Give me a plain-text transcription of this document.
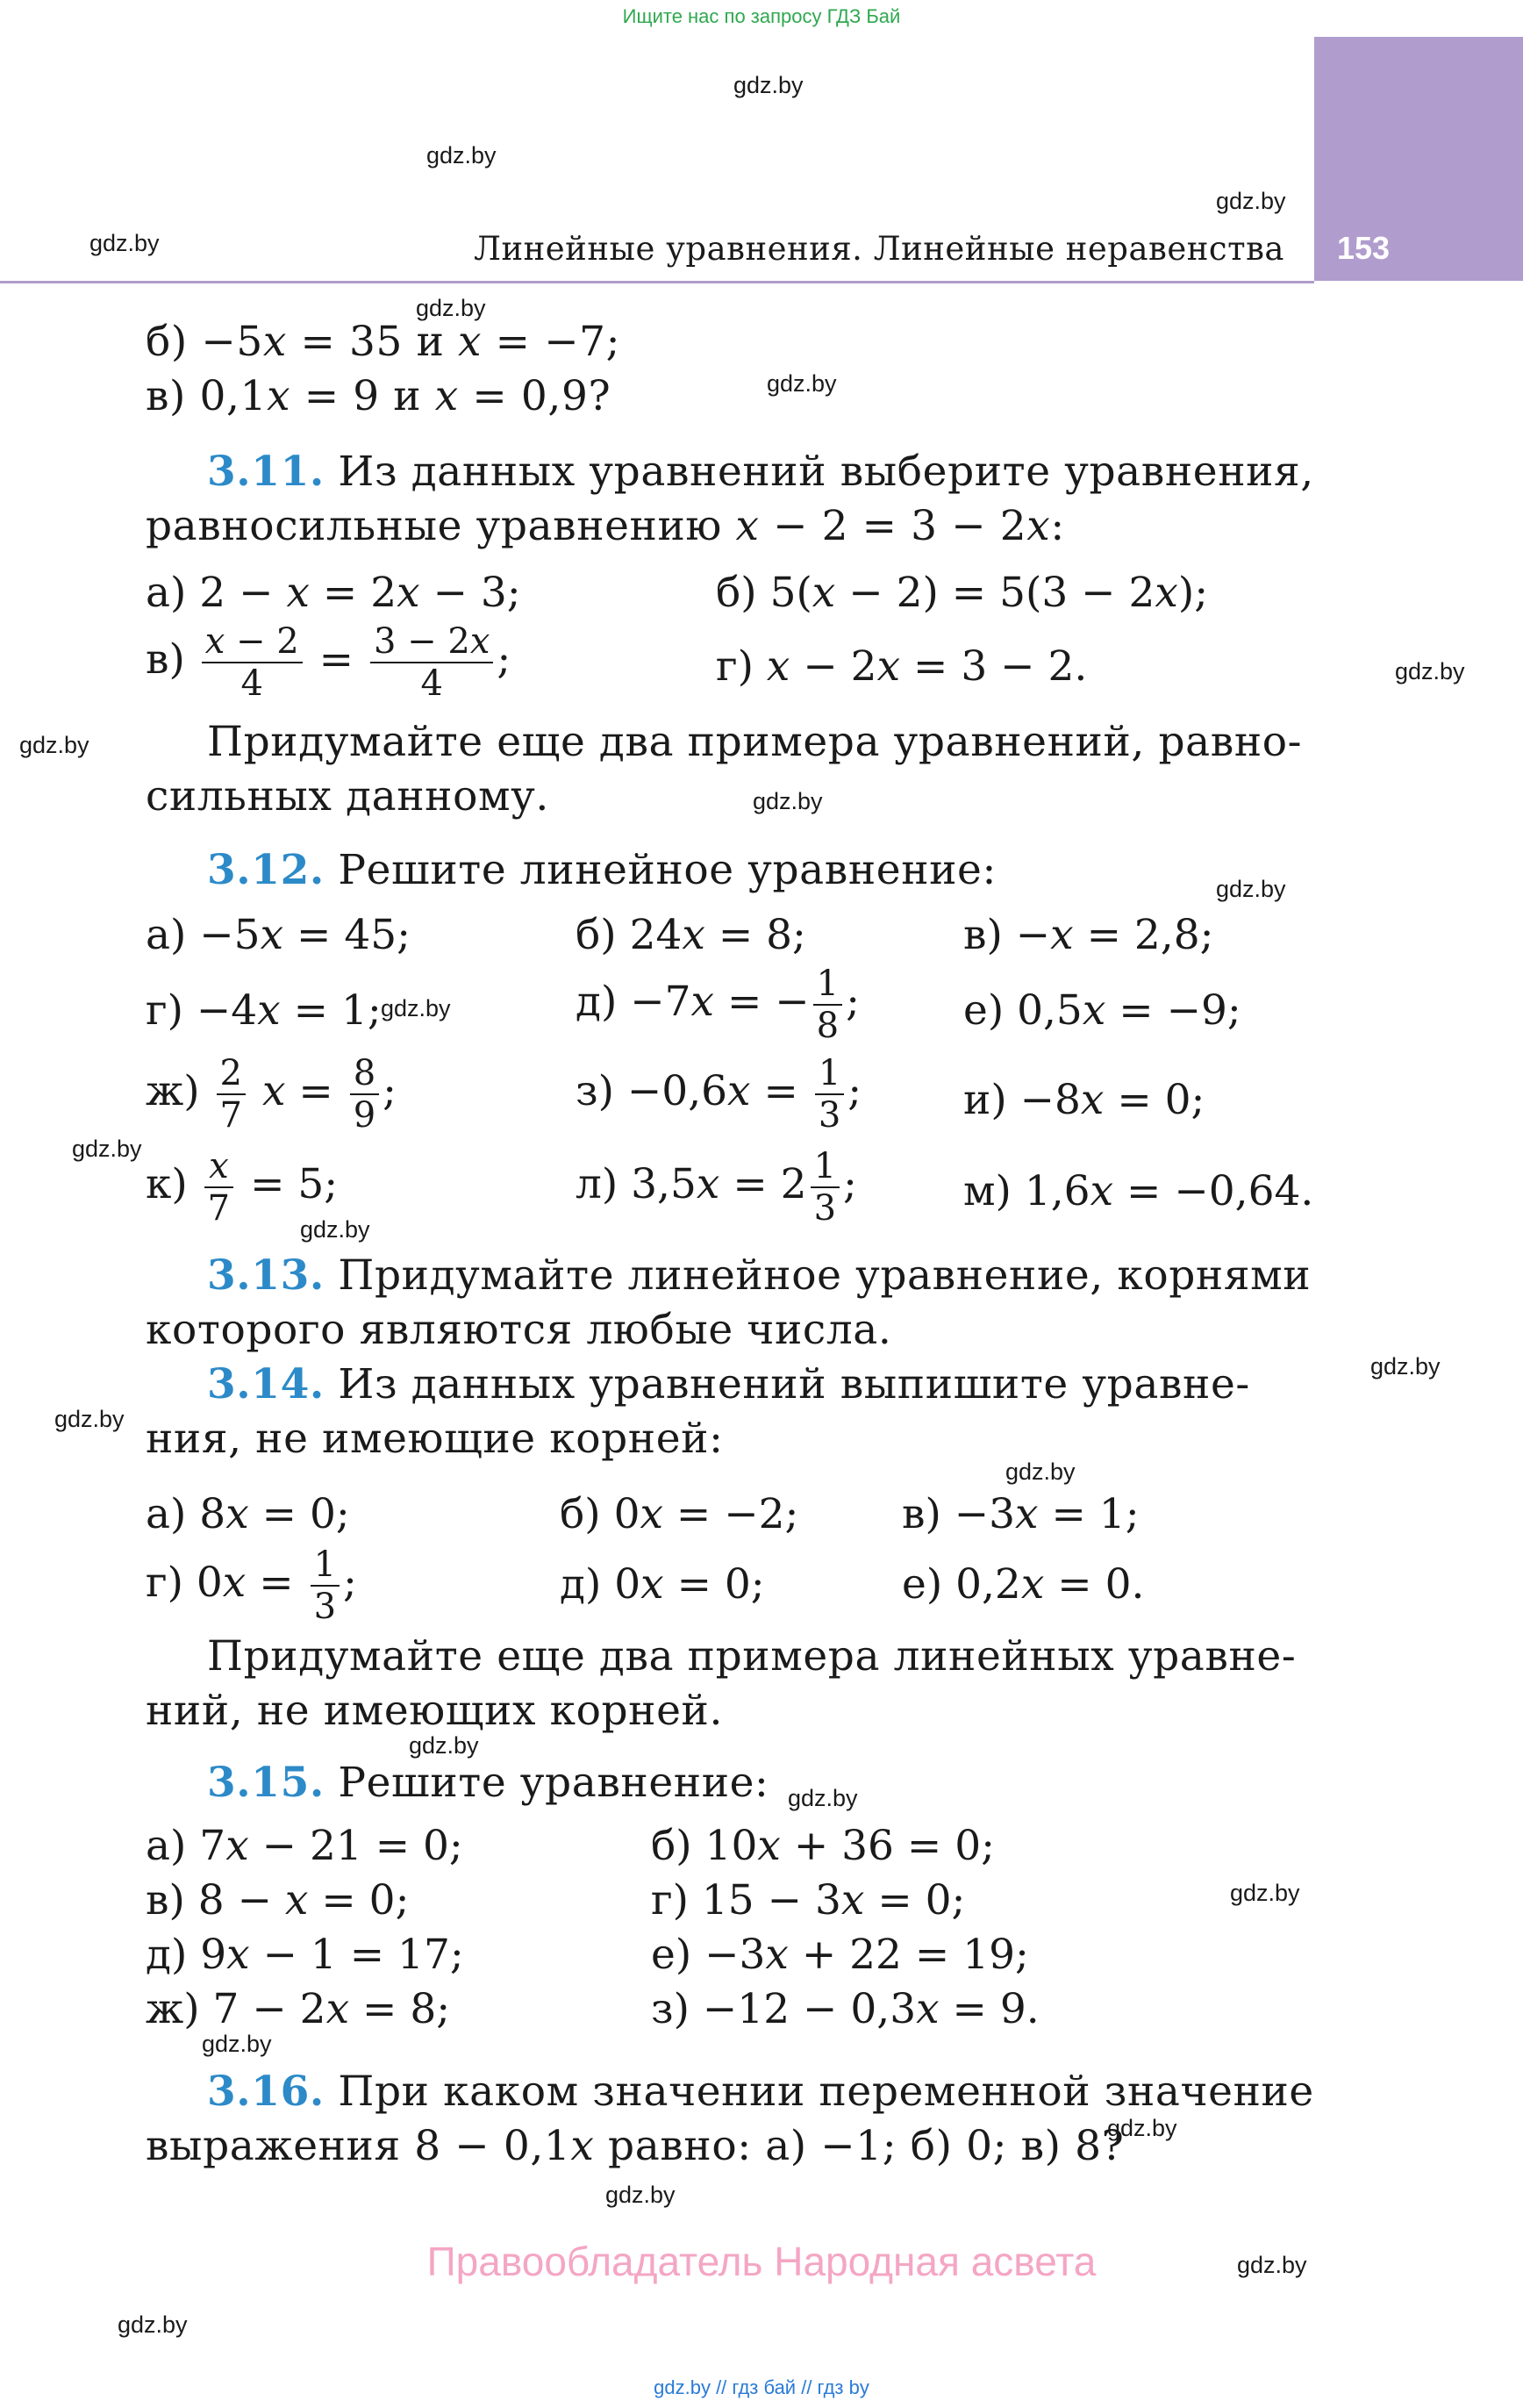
Ищите нас по запросу ГДЗ Бай
153
Линейные уравнения. Линейные неравенства
gdz.by
gdz.by
gdz.by
gdz.by
gdz.by
gdz.by
gdz.by
gdz.by
gdz.by
gdz.by
gdz.by
gdz.by
gdz.by
gdz.by
gdz.by
gdz.by
gdz.by
gdz.by
gdz.by
gdz.by
gdz.by
gdz.by
gdz.by
gdz.by
б) −5𝑥 = 35 и 𝑥 = −7;
в) 0,1𝑥 = 9 и 𝑥 = 0,9?
3.11. Из данных уравнений выберите уравнения,
равносильные уравнению 𝑥 − 2 = 3 − 2𝑥:
а) 2 − 𝑥 = 2𝑥 − 3;	б) 5(𝑥 − 2) = 5(3 − 2𝑥);
$в) \frac{\text{𝑥 − 2}}{4} = \frac{\text{3 − 2𝑥}}{4}$ ;	г) 𝑥 − 2𝑥 = 3 − 2.
Придумайте еще два примера уравнений, равно-
сильных данному.
3.12. Решите линейное уравнение:
а) −5𝑥 = 45;	б) 24𝑥 = 8;	в) −𝑥 = 2,8;
г) −4𝑥 = 1;	д) −7𝑥 = − $\frac{1}{8}$ ;	е) 0,5𝑥 = −9;
$ж) \frac{2}{7}$ 𝑥 = $\frac{8}{9}$ ;	з) −0,6𝑥 = $\frac{1}{3}$ ; и) −8𝑥 = 0;
$к) \frac{\text{𝑥}}{7} = 5$;	л) 3,5𝑥 = $2 \frac{1}{3}$ ;	м) 1,6𝑥 = −0,64.
3.13. Придумайте линейное уравнение, корнями
которого являются любые числа.
3.14. Из данных уравнений выпишите уравне-
ния, не имеющие корней:
а) 8𝑥 = 0;	б) 0𝑥 = −2;	в) −3𝑥 = 1;
г) 0𝑥 = $\frac{1}{3}$ ;	д) 0𝑥 = 0;	е) 0,2𝑥 = 0.
Придумайте еще два примера линейных уравне-
ний, не имеющих корней.
3.15. Решите уравнение:
а) 7𝑥 − 21 = 0;	б) 10𝑥 + 36 = 0;
в) 8 − 𝑥 = 0;	г) 15 − 3𝑥 = 0;
д) 9𝑥 − 1 = 17;	е) −3𝑥 + 22 = 19;
ж) 7 − 2𝑥 = 8;	з) −12 − 0,3𝑥 = 9.
3.16. При каком значении переменной значение
выражения 8 − 0,1𝑥 равно: а) −1; б) 0; в) 8?
Правообладатель Народная асвета
gdz.by // гдз бай // гдз by
